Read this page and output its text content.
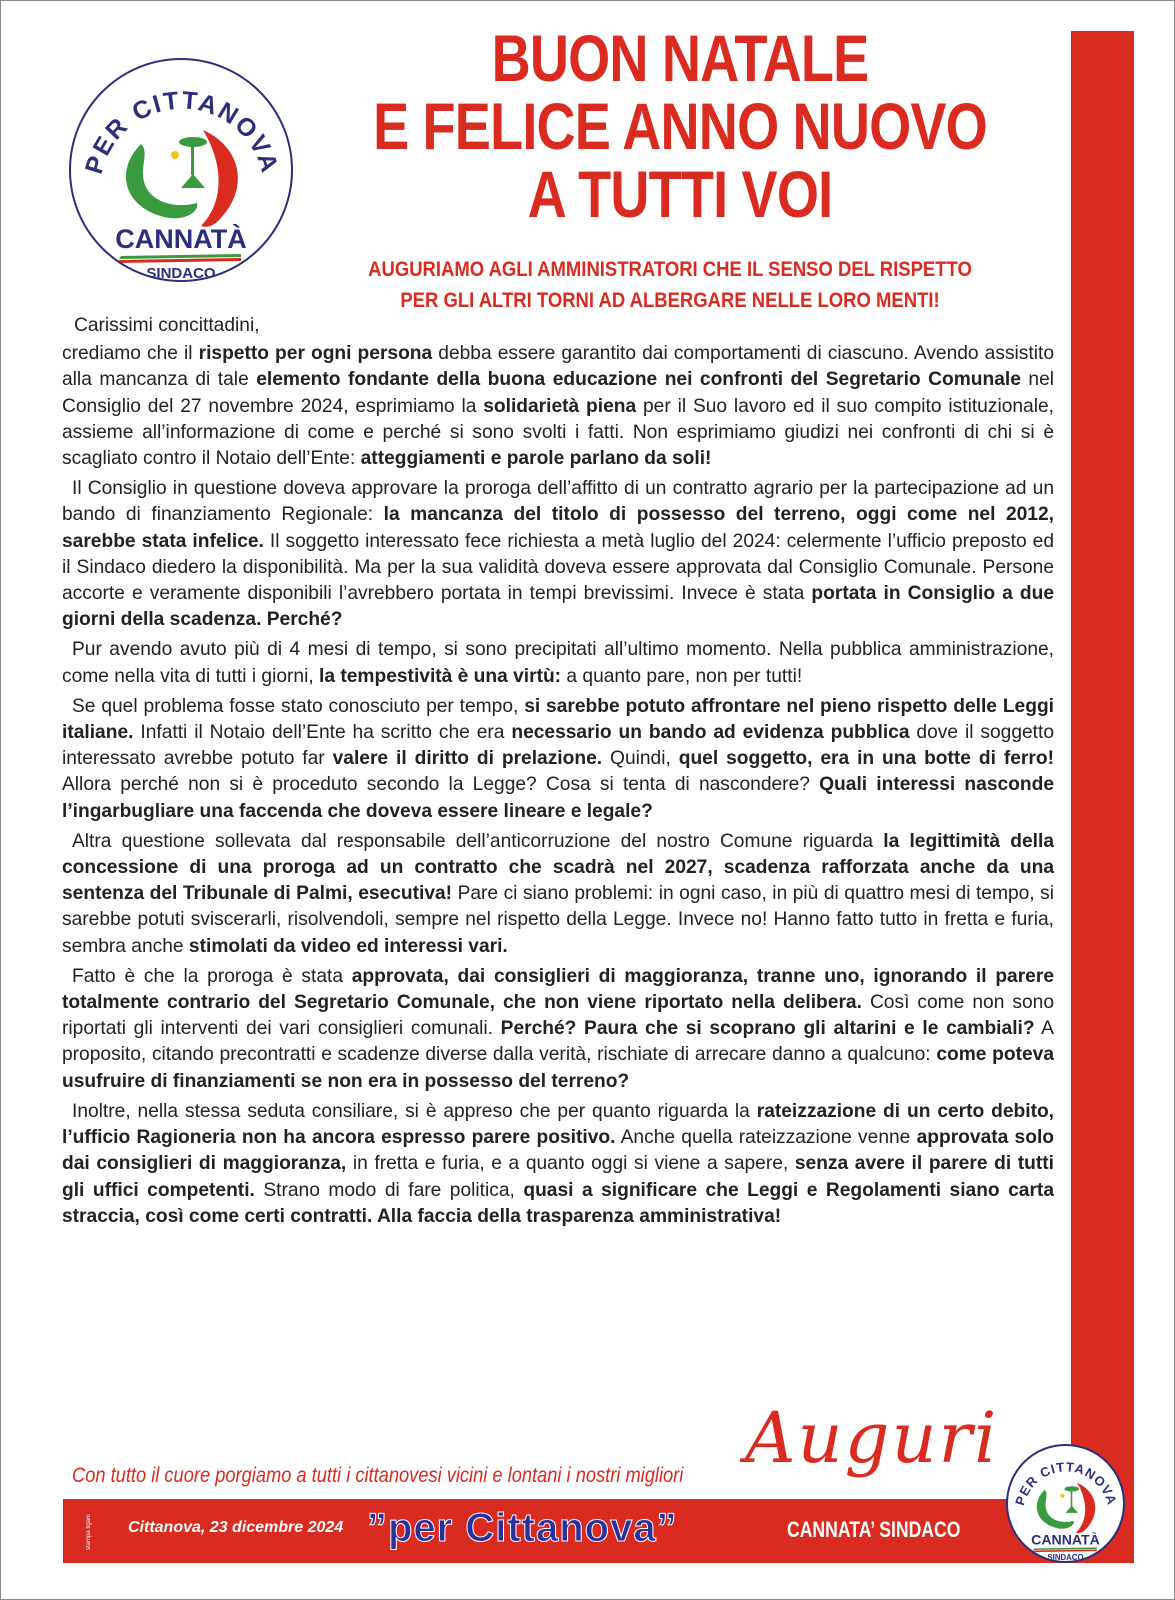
PER CITTANOVA
CANNATÀ
SINDACO
BUON NATALE
E FELICE ANNO NUOVO
A TUTTI VOI
AUGURIAMO AGLI AMMINISTRATORI CHE IL SENSO DEL RISPETTO
PER GLI ALTRI TORNI AD ALBERGARE NELLE LORO MENTI!

Carissimi concittadini,

crediamo che il rispetto per ogni persona debba essere garantito dai comportamenti di ciascuno. Avendo assistito alla mancanza di tale elemento fondante della buona educazione nei confronti del Segretario Comunale nel Consiglio del 27 novembre 2024, esprimiamo la solidarietà piena per il Suo lavoro ed il suo compito istituzionale, assieme all’informazione di come e perché si sono svolti i fatti. Non esprimiamo giudizi nei confronti di chi si è scagliato contro il Notaio dell’Ente: atteggiamenti e parole parlano da soli!

Il Consiglio in questione doveva approvare la proroga dell’affitto di un contratto agrario per la partecipazione ad un bando di finanziamento Regionale: la mancanza del titolo di possesso del terreno, oggi come nel 2012, sarebbe stata infelice. Il soggetto interessato fece richiesta a metà luglio del 2024: celermente l’ufficio preposto ed il Sindaco diedero la disponibilità. Ma per la sua validità doveva essere approvata dal Consiglio Comunale. Persone accorte e veramente disponibili l’avrebbero portata in tempi brevissimi. Invece è stata portata in Consiglio a due giorni della scadenza. Perché?

Pur avendo avuto più di 4 mesi di tempo, si sono precipitati all’ultimo momento. Nella pubblica amministrazione, come nella vita di tutti i giorni, la tempestività è una virtù: a quanto pare, non per tutti!

Se quel problema fosse stato conosciuto per tempo, si sarebbe potuto affrontare nel pieno rispetto delle Leggi italiane. Infatti il Notaio dell’Ente ha scritto che era necessario un bando ad evidenza pubblica dove il soggetto interessato avrebbe potuto far valere il diritto di prelazione. Quindi, quel soggetto, era in una botte di ferro! Allora perché non si è proceduto secondo la Legge? Cosa si tenta di nascondere? Quali interessi nasconde l’ingarbugliare una faccenda che doveva essere lineare e legale?

Altra questione sollevata dal responsabile dell’anticorruzione del nostro Comune riguarda la legittimità della concessione di una proroga ad un contratto che scadrà nel 2027, scadenza rafforzata anche da una sentenza del Tribunale di Palmi, esecutiva! Pare ci siano problemi: in ogni caso, in più di quattro mesi di tempo, si sarebbe potuti sviscerarli, risolvendoli, sempre nel rispetto della Legge. Invece no! Hanno fatto tutto in fretta e furia, sembra anche stimolati da video ed interessi vari.

Fatto è che la proroga è stata approvata, dai consiglieri di maggioranza, tranne uno, ignorando il parere totalmente contrario del Segretario Comunale, che non viene riportato nella delibera. Così come non sono riportati gli interventi dei vari consiglieri comunali. Perché? Paura che si scoprano gli altarini e le cambiali? A proposito, citando precontratti e scadenze diverse dalla verità, rischiate di arrecare danno a qualcuno: come poteva usufruire di finanziamenti se non era in possesso del terreno?

Inoltre, nella stessa seduta consiliare, si è appreso che per quanto riguarda la rateizzazione di un certo debito, l’ufficio Ragioneria non ha ancora espresso parere positivo. Anche quella rateizzazione venne approvata solo dai consiglieri di maggioranza, in fretta e furia, e a quanto oggi si viene a sapere, senza avere il parere di tutti gli uffici competenti. Strano modo di fare politica, quasi a significare che Leggi e Regolamenti siano carta straccia, così come certi contratti. Alla faccia della trasparenza amministrativa!

Con tutto il cuore porgiamo a tutti i cittanovesi vicini e lontani i nostri migliori Auguri
stampa tigani	Cittanova, 23 dicembre 2024 ”per Cittanova”	CANNATA’ SINDACO
PER CITTANOVA
CANNATÀ
SINDACO
